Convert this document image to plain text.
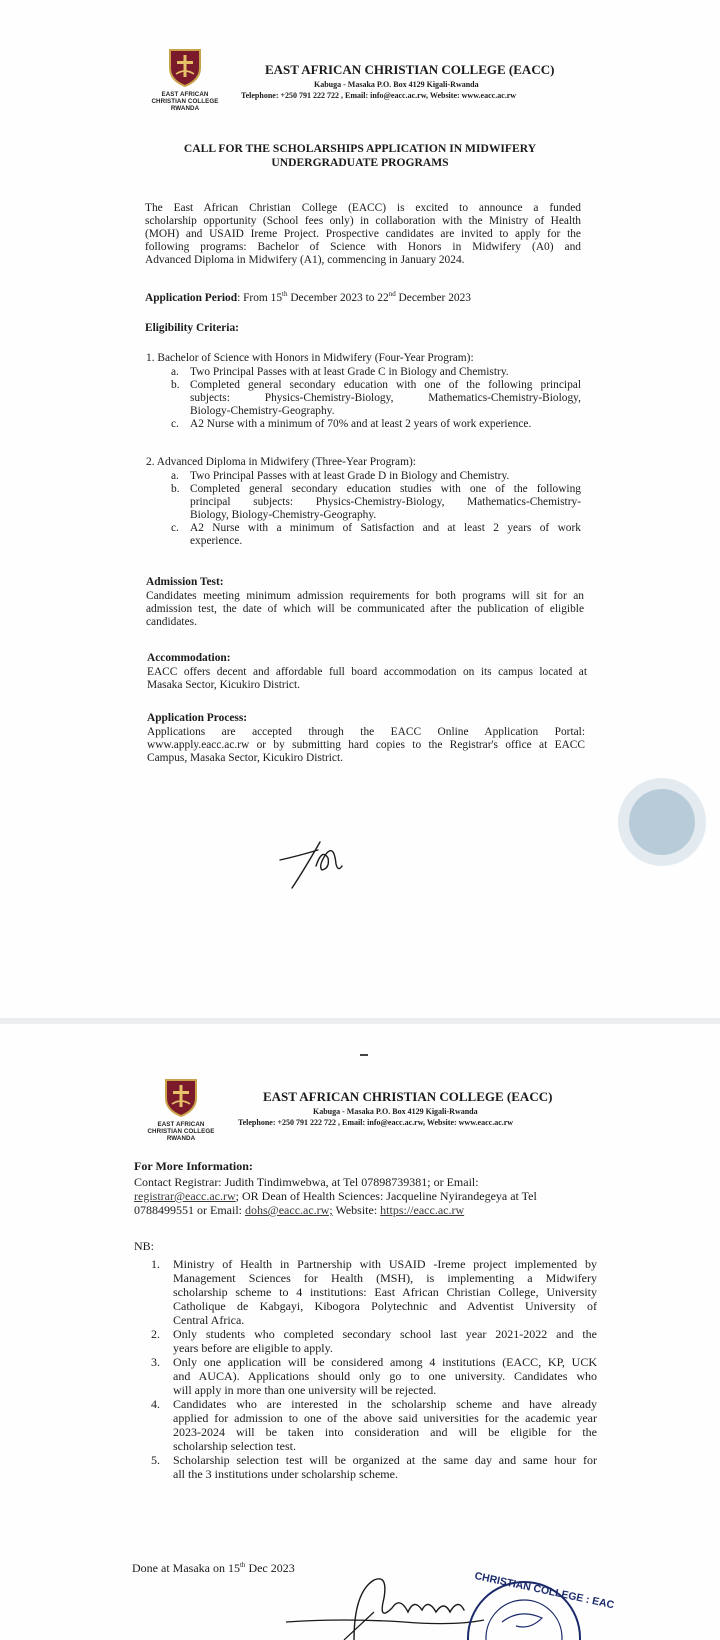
EAST AFRICAN
CHRISTIAN COLLEGE
RWANDA
EAST AFRICAN CHRISTIAN COLLEGE (EACC)
Kabuga - Masaka P.O. Box 4129 Kigali-Rwanda
Telephone: +250 791 222 722 , Email: info@eacc.ac.rw, Website: www.eacc.ac.rw
CALL FOR THE SCHOLARSHIPS APPLICATION IN MIDWIFERY
UNDERGRADUATE PROGRAMS
The East African Christian College (EACC) is excited to announce a funded
scholarship opportunity (School fees only) in collaboration with the Ministry of Health
(MOH) and USAID Ireme Project. Prospective candidates are invited to apply for the
following programs: Bachelor of Science with Honors in Midwifery (A0) and
Advanced Diploma in Midwifery (A1), commencing in January 2024.
Application Period: From 15th December 2023 to 22nd December 2023
Eligibility Criteria:
1. Bachelor of Science with Honors in Midwifery (Four-Year Program):
a. Two Principal Passes with at least Grade C in Biology and Chemistry.
b. Completed general secondary education with one of the following principal
subjects: Physics-Chemistry-Biology, Mathematics-Chemistry-Biology,
Biology-Chemistry-Geography.
c. A2 Nurse with a minimum of 70% and at least 2 years of work experience.
2. Advanced Diploma in Midwifery (Three-Year Program):
a. Two Principal Passes with at least Grade D in Biology and Chemistry.
b. Completed general secondary education studies with one of the following
principal subjects: Physics-Chemistry-Biology, Mathematics-Chemistry-
Biology, Biology-Chemistry-Geography.
c. A2 Nurse with a minimum of Satisfaction and at least 2 years of work
experience.
Admission Test:
Candidates meeting minimum admission requirements for both programs will sit for an
admission test, the date of which will be communicated after the publication of eligible
candidates.
Accommodation:
EACC offers decent and affordable full board accommodation on its campus located at
Masaka Sector, Kicukiro District.
Application Process:
Applications are accepted through the EACC Online Application Portal:
www.apply.eacc.ac.rw or by submitting hard copies to the Registrar's office at EACC
Campus, Masaka Sector, Kicukiro District.
EAST AFRICAN
CHRISTIAN COLLEGE
RWANDA
EAST AFRICAN CHRISTIAN COLLEGE (EACC)
Kabuga - Masaka P.O. Box 4129 Kigali-Rwanda
Telephone: +250 791 222 722 , Email: info@eacc.ac.rw, Website: www.eacc.ac.rw
For More Information:
Contact Registrar: Judith Tindimwebwa, at Tel 07898739381; or Email:
registrar@eacc.ac.rw; OR Dean of Health Sciences: Jacqueline Nyirandegeya at Tel
0788499551 or Email: dohs@eacc.ac.rw; Website: https://eacc.ac.rw
NB:
1. Ministry of Health in Partnership with USAID -Ireme project implemented by
Management Sciences for Health (MSH), is implementing a Midwifery
scholarship scheme to 4 institutions: East African Christian College, University
Catholique de Kabgayi, Kibogora Polytechnic and Adventist University of
Central Africa.
2. Only students who completed secondary school last year 2021-2022 and the
years before are eligible to apply.
3. Only one application will be considered among 4 institutions (EACC, KP, UCK
and AUCA). Applications should only go to one university. Candidates who
will apply in more than one university will be rejected.
4. Candidates who are interested in the scholarship scheme and have already
applied for admission to one of the above said universities for the academic year
2023-2024 will be taken into consideration and will be eligible for the
scholarship selection test.
5. Scholarship selection test will be organized at the same day and same hour for
all the 3 institutions under scholarship scheme.
Done at Masaka on 15th Dec 2023
CHRISTIAN COLLEGE : EAC
